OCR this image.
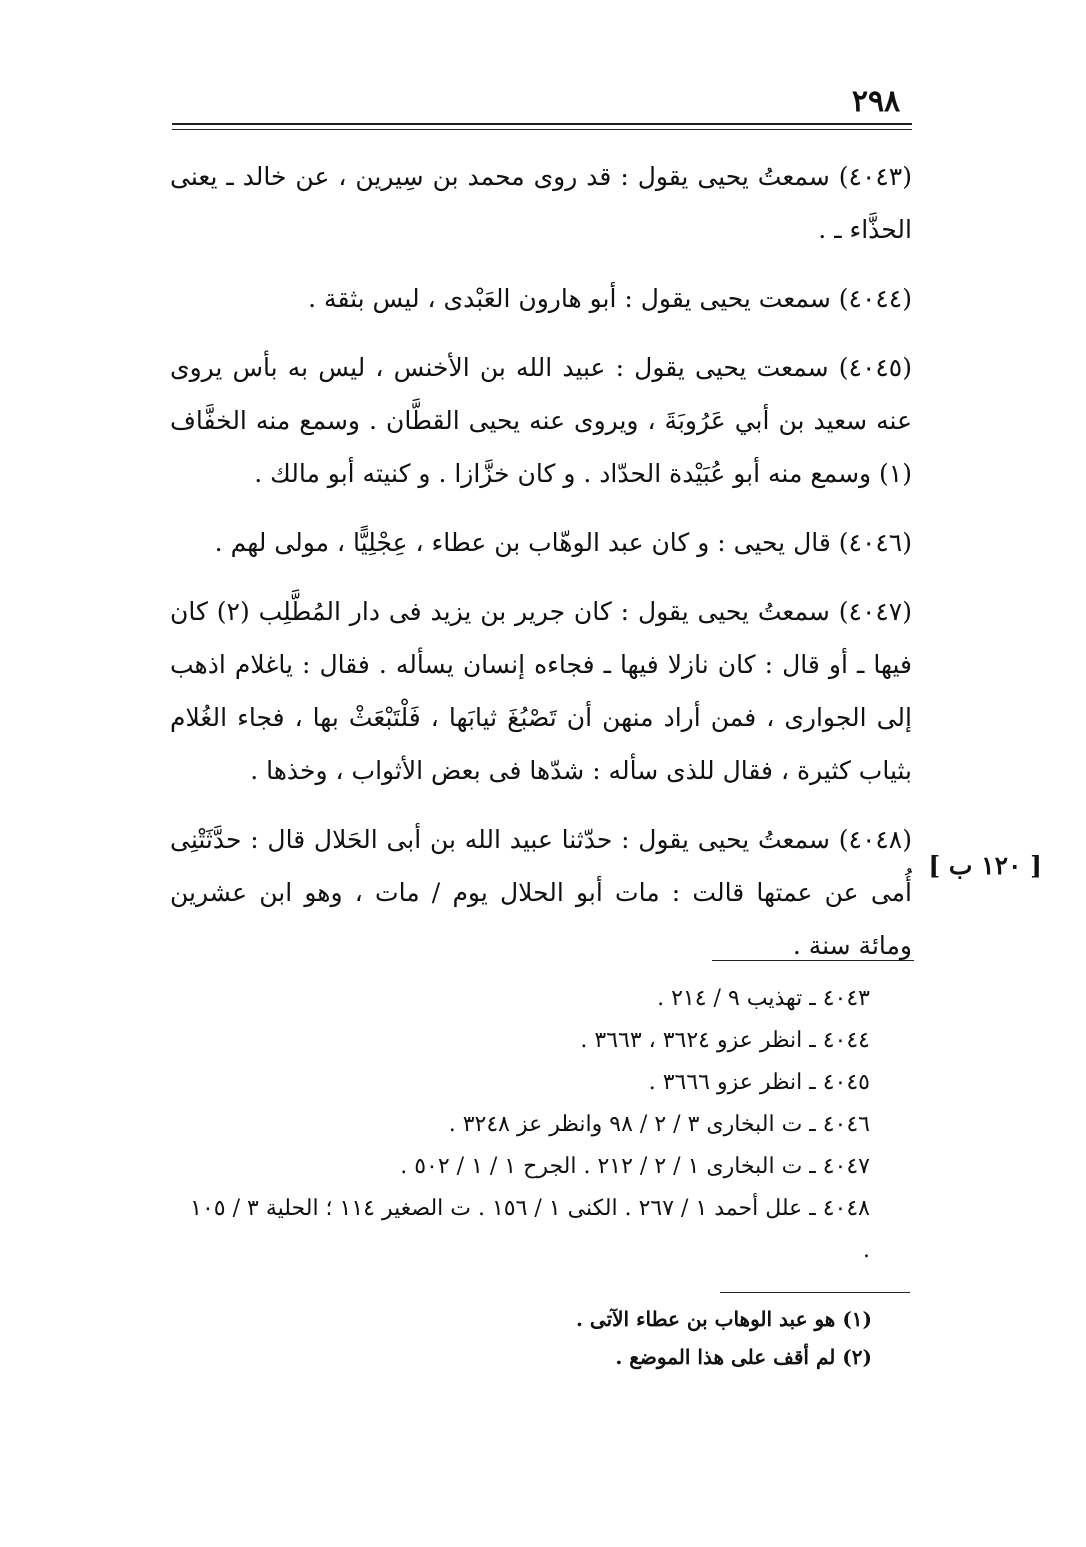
٢٩٨

(٤٠٤٣) سمعتُ يحيى يقول : قد روى محمد بن سِيرين ، عن خالد ـ يعنى الحذَّاء ـ .

(٤٠٤٤) سمعت يحيى يقول : أبو هارون العَبْدى ، ليس بثقة .

(٤٠٤٥) سمعت يحيى يقول : عبيد الله بن الأخنس ، ليس به بأس يروى عنه سعيد بن أبي عَرُوبَةَ ، ويروى عنه يحيى القطَّان . وسمع منه الخفَّاف (١) وسمع منه أبو عُبَيْدة الحدّاد . و كان خزَّازا . و كنيته أبو مالك .

(٤٠٤٦) قال يحيى : و كان عبد الوهّاب بن عطاء ، عِجْلِيًّا ، مولى لهم .

(٤٠٤٧) سمعتُ يحيى يقول : كان جرير بن يزيد فى دار المُطَّلِب (٢) كان فيها ـ أو قال : كان نازلا فيها ـ فجاءه إنسان يسأله . فقال : ياغلام اذهب إلى الجوارى ، فمن أراد منهن أن تَصْبُغَ ثيابَها ، فَلْتَبْعَثْ بها ، فجاء الغُلام بثياب كثيرة ، فقال للذى سأله : شدّها فى بعض الأثواب ، وخذها .

(٤٠٤٨) سمعتُ يحيى يقول : حدّثنا عبيد الله بن أبى الحَلال قال : حدَّثَتْنِى أُمى عن عمتها قالت : مات أبو الحلال يوم / مات ، وهو ابن عشرين ومائة سنة .

[ ١٢٠ ب ]
٤٠٤٣ ـ تهذيب ٩ / ٢١٤ .
٤٠٤٤ ـ انظر عزو ٣٦٢٤ ، ٣٦٦٣ .
٤٠٤٥ ـ انظر عزو ٣٦٦٦ .
٤٠٤٦ ـ ت البخارى ٣ / ٢ / ٩٨ وانظر عز ٣٢٤٨ .
٤٠٤٧ ـ ت البخارى ١ / ٢ / ٢١٢ . الجرح ١ / ١ / ٥٠٢ .
٤٠٤٨ ـ علل أحمد ١ / ٢٦٧ . الكنى ١ / ١٥٦ . ت الصغير ١١٤ ؛ الحلية ٣ / ١٠٥ .
(١) هو عبد الوهاب بن عطاء الآتى .
(٢) لم أقف على هذا الموضع .
